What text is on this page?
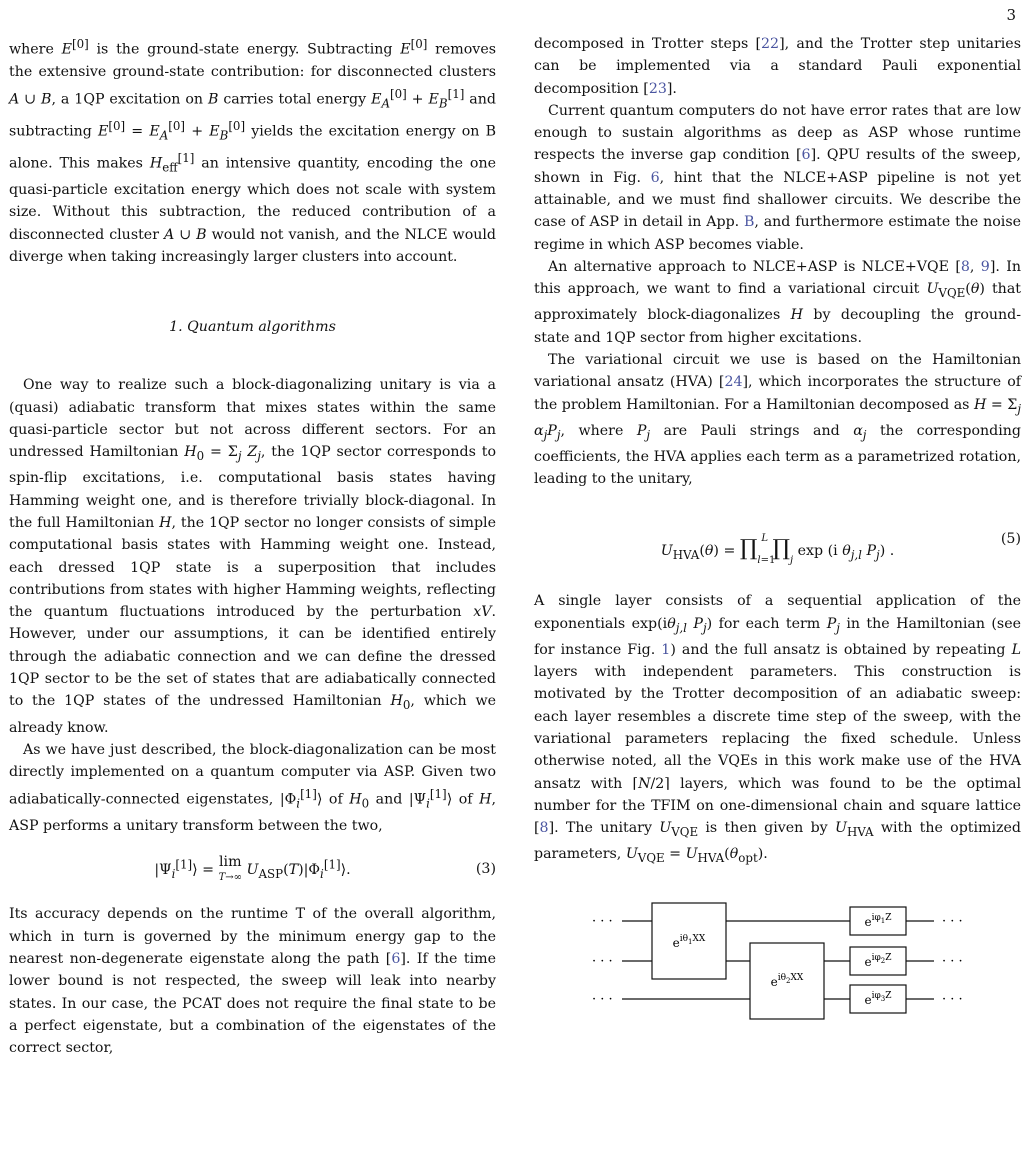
3

where E[0] is the ground-state energy. Subtracting E[0] removes the extensive ground-state contribution: for disconnected clusters A ∪ B, a 1QP excitation on B carries total energy $E_A[0] + E_B[1]$ and subtracting $E[0] = E_A[0] + E_B[0]$ yields the excitation energy on B alone. This makes $H_{eff}[1]$ an intensive quantity, encoding the one quasi-particle excitation energy which does not scale with system size. Without this subtraction, the reduced contribution of a disconnected cluster A ∪ B would not vanish, and the NLCE would diverge when taking increasingly larger clusters into account.

1. Quantum algorithms

One way to realize such a block-diagonalizing unitary is via a (quasi) adiabatic transform that mixes states within the same quasi-particle sector but not across different sectors. For an undressed Hamiltonian $H_0 = \Sigma_j$ $Z_j$, the 1QP sector corresponds to spin-flip excitations, i.e. computational basis states having Hamming weight one, and is therefore trivially block-diagonal. In the full Hamiltonian H, the 1QP sector no longer consists of simple computational basis states with Hamming weight one. Instead, each dressed 1QP state is a superposition that includes contributions from states with higher Hamming weights, reflecting the quantum fluctuations introduced by the perturbation xV. However, under our assumptions, it can be identified entirely through the adiabatic connection and we can define the dressed 1QP sector to be the set of states that are adiabatically connected to the 1QP states of the undressed Hamiltonian $H_0$, which we already know.

As we have just described, the block-diagonalization can be most directly implemented on a quantum computer via ASP. Given two adiabatically-connected eigenstates, $|\Phi_i[1]⟩$ of $H_0$ and $|\Psi_i[1]⟩$ of H, ASP performs a unitary transform between the two,

$|\Psi_i[1]⟩ = \lim$
T→∞ $U_{ASP}(T)|\Phi_i[1]⟩$.	(3)

Its accuracy depends on the runtime T of the overall algorithm, which in turn is governed by the minimum energy gap to the nearest non-degenerate eigenstate along the path [6]. If the time lower bound is not respected, the sweep will leak into nearby states. In our case, the PCAT does not require the final state to be a perfect eigenstate, but a combination of the eigenstates of the correct sector,

decomposed in Trotter steps [22], and the Trotter step unitaries can be implemented via a standard Pauli exponential decomposition [23].

Current quantum computers do not have error rates that are low enough to sustain algorithms as deep as ASP whose runtime respects the inverse gap condition [6]. QPU results of the sweep, shown in Fig. 6, hint that the NLCE+ASP pipeline is not yet attainable, and we must find shallower circuits. We describe the case of ASP in detail in App. B, and furthermore estimate the noise regime in which ASP becomes viable.

An alternative approach to NLCE+ASP is NLCE+VQE [8, 9]. In this approach, we want to find a variational circuit $U_{VQE}(\theta)$ that approximately block-diagonalizes H by decoupling the ground-state and 1QP sector from higher excitations.

The variational circuit we use is based on the Hamiltonian variational ansatz (HVA) [24], which incorporates the structure of the problem Hamiltonian. For a Hamiltonian decomposed as $H = \Sigma_j$ $\alpha_jP_j$, where $P_j$ are Pauli strings and $\alpha_j$ the corresponding coefficients, the HVA applies each term as a parametrized rotation, leading to the unitary,

$U_{HVA}(\theta)$ = $\prod_{l=1}^L$ $\prod_j$ exp (i $\theta_{j,l}$ $P_j$) .
(5)

A single layer consists of a sequential application of the exponentials $\exp(i\theta_{j,l}$ $P_j$) for each term $P_j$ in the Hamiltonian (see for instance Fig. 1) and the full ansatz is obtained by repeating L layers with independent parameters. This construction is motivated by the Trotter decomposition of an adiabatic sweep: each layer resembles a discrete time step of the sweep, with the variational parameters replacing the fixed schedule. Unless otherwise noted, all the VQEs in this work make use of the HVA ansatz with ⌈N/2⌉ layers, which was found to be the optimal number for the TFIM on one-dimensional chain and square lattice [8]. The unitary $U_{VQE}$ is then given by $U_{HVA}$ with the optimized parameters, $U_{VQE} = U_{HVA}(\theta_{opt})$.

· · ·
· · ·
· · ·
· · ·
· · ·
· · ·
$e^{i\theta}_1^{XX}$
$e^{i\theta}_2^{XX}$
$e^{i\varphi}_1^Z$
$e^{i\varphi}_2^Z$
$e^{i\varphi}_3^Z$
